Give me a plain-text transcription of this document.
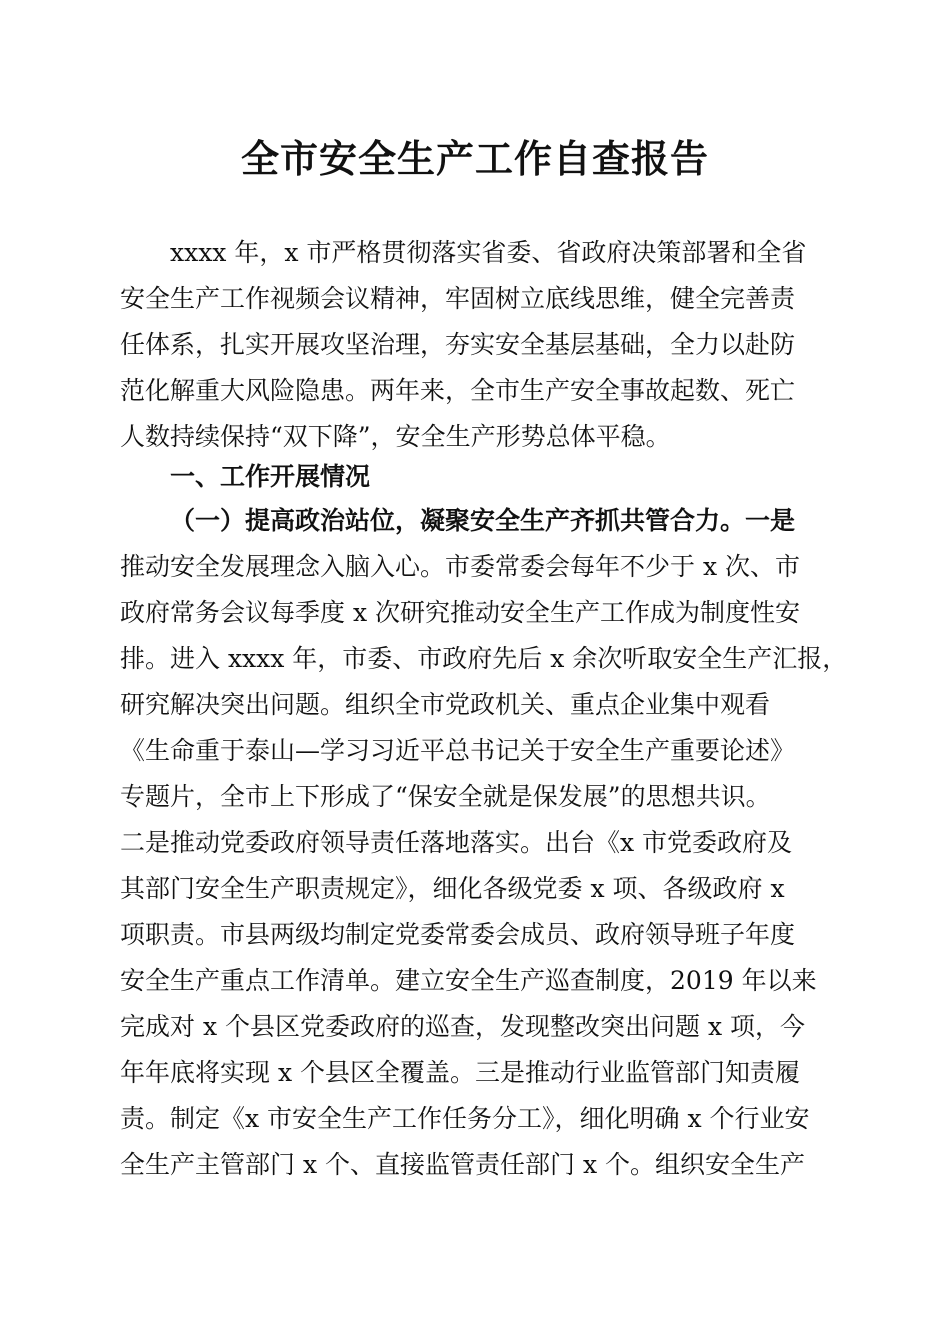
全市安全生产工作自查报告
xxxx 年，x 市严格贯彻落实省委、省政府决策部署和全省
安全生产工作视频会议精神，牢固树立底线思维，健全完善责
任体系，扎实开展攻坚治理，夯实安全基层基础，全力以赴防
范化解重大风险隐患。两年来，全市生产安全事故起数、死亡
人数持续保持“双下降”，安全生产形势总体平稳。
一、工作开展情况
（一）提高政治站位，凝聚安全生产齐抓共管合力。一是
推动安全发展理念入脑入心。市委常委会每年不少于 x 次、市
政府常务会议每季度 x 次研究推动安全生产工作成为制度性安
排。进入 xxxx 年，市委、市政府先后 x 余次听取安全生产汇报，
研究解决突出问题。组织全市党政机关、重点企业集中观看
《生命重于泰山—学习习近平总书记关于安全生产重要论述》
专题片，全市上下形成了“保安全就是保发展”的思想共识。
二是推动党委政府领导责任落地落实。出台《x 市党委政府及
其部门安全生产职责规定》，细化各级党委 x 项、各级政府 x
项职责。市县两级均制定党委常委会成员、政府领导班子年度
安全生产重点工作清单。建立安全生产巡查制度，2019 年以来
完成对 x 个县区党委政府的巡查，发现整改突出问题 x 项，今
年年底将实现 x 个县区全覆盖。三是推动行业监管部门知责履
责。制定《x 市安全生产工作任务分工》，细化明确 x 个行业安
全生产主管部门 x 个、直接监管责任部门 x 个。组织安全生产
